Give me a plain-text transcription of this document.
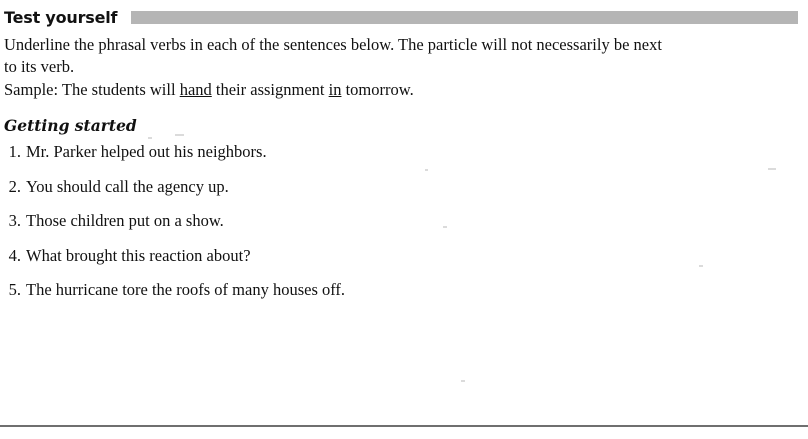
Test yourself
Underline the phrasal verbs in each of the sentences below. The particle will not necessarily be next
to its verb.
Sample: The students will hand their assignment in tomorrow.
Getting started
1. Mr. Parker helped out his neighbors.
2. You should call the agency up.
3. Those children put on a show.
4. What brought this reaction about?
5. The hurricane tore the roofs of many houses off.
